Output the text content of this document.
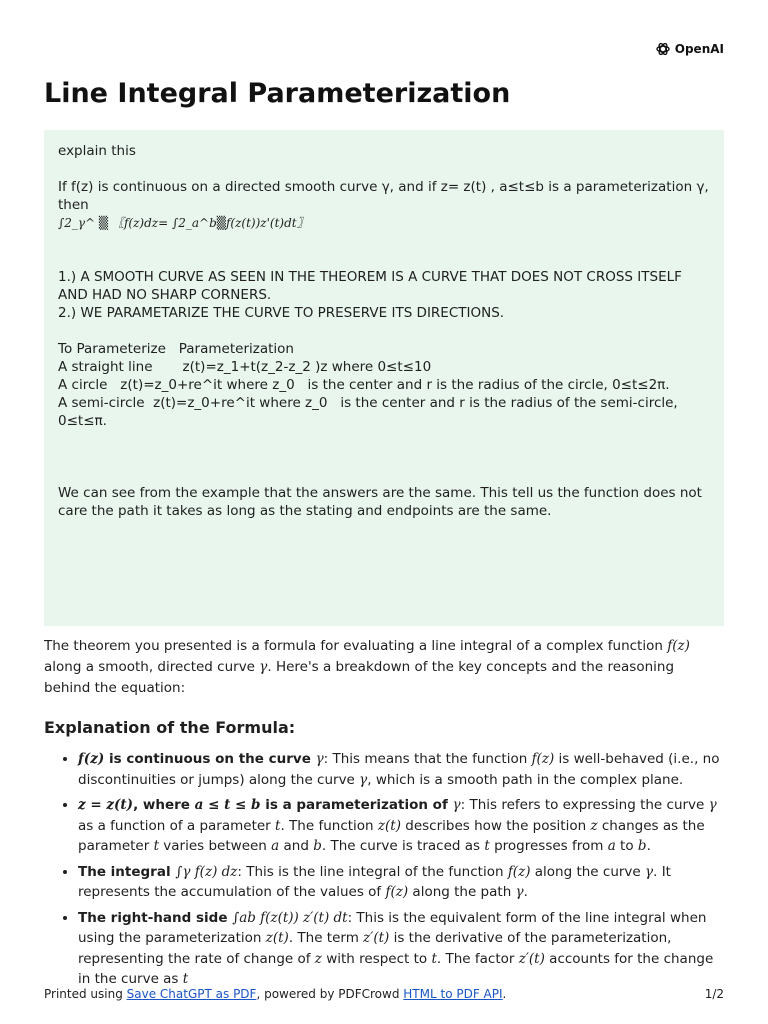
OpenAI
Line Integral Parameterization

explain this

If f(z) is continuous on a directed smooth curve γ, and if z= z(t) , a≤t≤b is a parameterization γ, then

∫2_γ^ ▒ 〖f(z)dz= ∫2_a^b▒f(z(t))z'(t)dt〗

1.) A SMOOTH CURVE AS SEEN IN THE THEOREM IS A CURVE THAT DOES NOT CROSS ITSELF AND HAD NO SHARP CORNERS.

2.) WE PARAMETARIZE THE CURVE TO PRESERVE ITS DIRECTIONS.

To Parameterize   Parameterization

A straight line       z(t)=z_1+t(z_2-z_2 )z where 0≤t≤10

A circle   z(t)=z_0+re^it where z_0   is the center and r is the radius of the circle, 0≤t≤2π.

A semi-circle  z(t)=z_0+re^it where z_0   is the center and r is the radius of the semi-circle, 0≤t≤π.

We can see from the example that the answers are the same. This tell us the function does not care the path it takes as long as the stating and endpoints are the same.

The theorem you presented is a formula for evaluating a line integral of a complex function f(z) along a smooth, directed curve γ. Here's a breakdown of the key concepts and the reasoning behind the equation:

Explanation of the Formula:
• f(z) is continuous on the curve γ: This means that the function f(z) is well-behaved (i.e., no discontinuities or jumps) along the curve γ, which is a smooth path in the complex plane.
• z = z(t), where a ≤ t ≤ b is a parameterization of γ: This refers to expressing the curve γ as a function of a parameter t. The function z(t) describes how the position z changes as the parameter t varies between a and b. The curve is traced as t progresses from a to b.
• The integral ∫γ f(z) dz: This is the line integral of the function f(z) along the curve γ. It represents the accumulation of the values of f(z) along the path γ.
• The right-hand side ∫ab f(z(t)) z′(t) dt: This is the equivalent form of the line integral when using the parameterization z(t). The term z′(t) is the derivative of the parameterization, representing the rate of change of z with respect to t. The factor z′(t) accounts for the change in the curve as t
Printed using Save ChatGPT as PDF, powered by PDFCrowd HTML to PDF API.	1/2
